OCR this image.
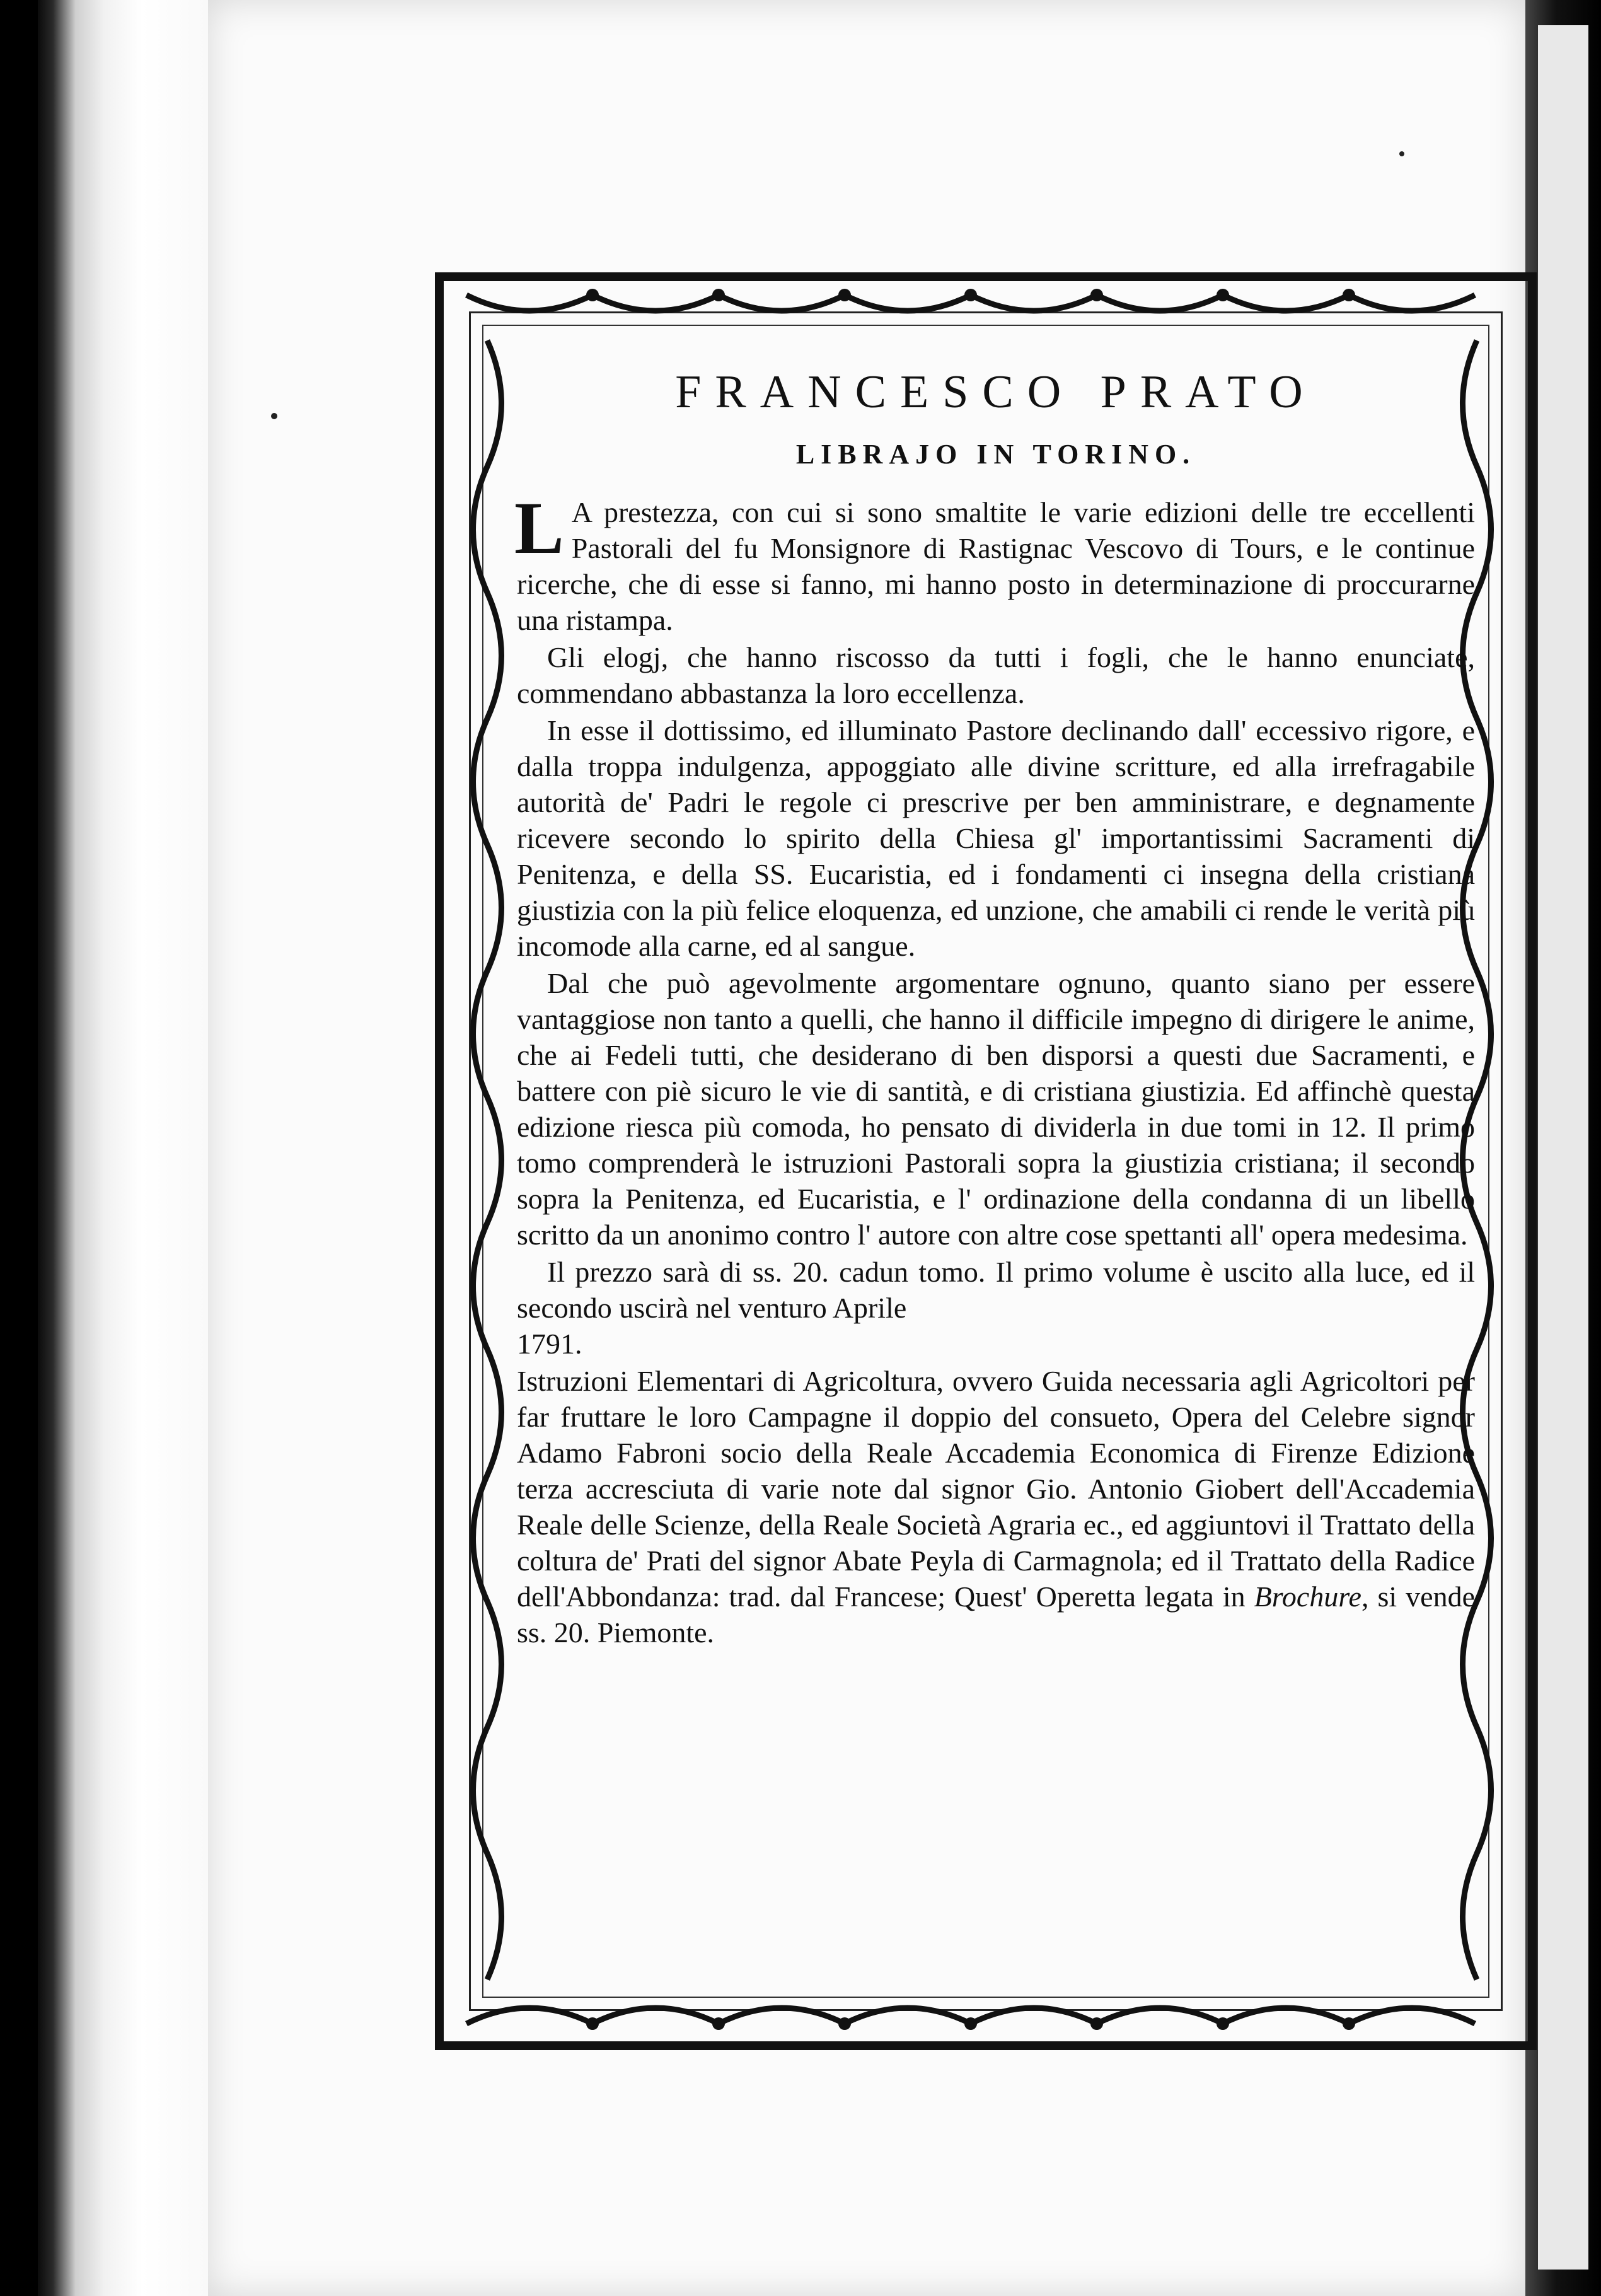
FRANCESCO PRATO
LIBRAJO IN TORINO.

L A prestezza, con cui si sono smaltite le varie edizioni delle tre eccellenti Pastorali del fu Monsignore di Rastignac Vescovo di Tours, e le continue ricerche, che di esse si fanno, mi hanno posto in determinazione di proccurarne una ristampa.

Gli elogj, che hanno riscosso da tutti i fogli, che le hanno enunciate, commendano abbastanza la loro eccellenza.

In esse il dottissimo, ed illuminato Pastore declinando dall' eccessivo rigore, e dalla troppa indulgenza, appoggiato alle divine scritture, ed alla irrefragabile autorità de' Padri le regole ci prescrive per ben amministrare, e degnamente ricevere secondo lo spirito della Chiesa gl' importantissimi Sacramenti di Penitenza, e della SS. Eucaristia, ed i fondamenti ci insegna della cristiana giustizia con la più felice eloquenza, ed unzione, che amabili ci rende le verità più incomode alla carne, ed al sangue.

Dal che può agevolmente argomentare ognuno, quanto siano per essere vantaggiose non tanto a quelli, che hanno il difficile impegno di dirigere le anime, che ai Fedeli tutti, che desiderano di ben disporsi a questi due Sacramenti, e battere con piè sicuro le vie di santità, e di cristiana giustizia. Ed affinchè questa edizione riesca più comoda, ho pensato di dividerla in due tomi in 12. Il primo tomo comprenderà le istruzioni Pastorali sopra la giustizia cristiana; il secondo sopra la Penitenza, ed Eucaristia, e l' ordinazione della condanna di un libello scritto da un anonimo contro l' autore con altre cose spettanti all' opera medesima.

Il prezzo sarà di ss. 20. cadun tomo. Il primo volume è uscito alla luce, ed il secondo uscirà nel venturo Aprile
1791.

Istruzioni Elementari di Agricoltura, ovvero Guida necessaria agli Agricoltori per far fruttare le loro Campagne il doppio del consueto, Opera del Celebre signor Adamo Fabroni socio della Reale Accademia Economica di Firenze Edizione terza accresciuta di varie note dal signor Gio. Antonio Giobert dell'Accademia Reale delle Scienze, della Reale Società Agraria ec., ed aggiuntovi il Trattato della coltura de' Prati del signor Abate Peyla di Carmagnola; ed il Trattato della Radice dell'Abbondanza: trad. dal Francese; Quest' Operetta legata in Brochure, si vende ss. 20. Piemonte.
